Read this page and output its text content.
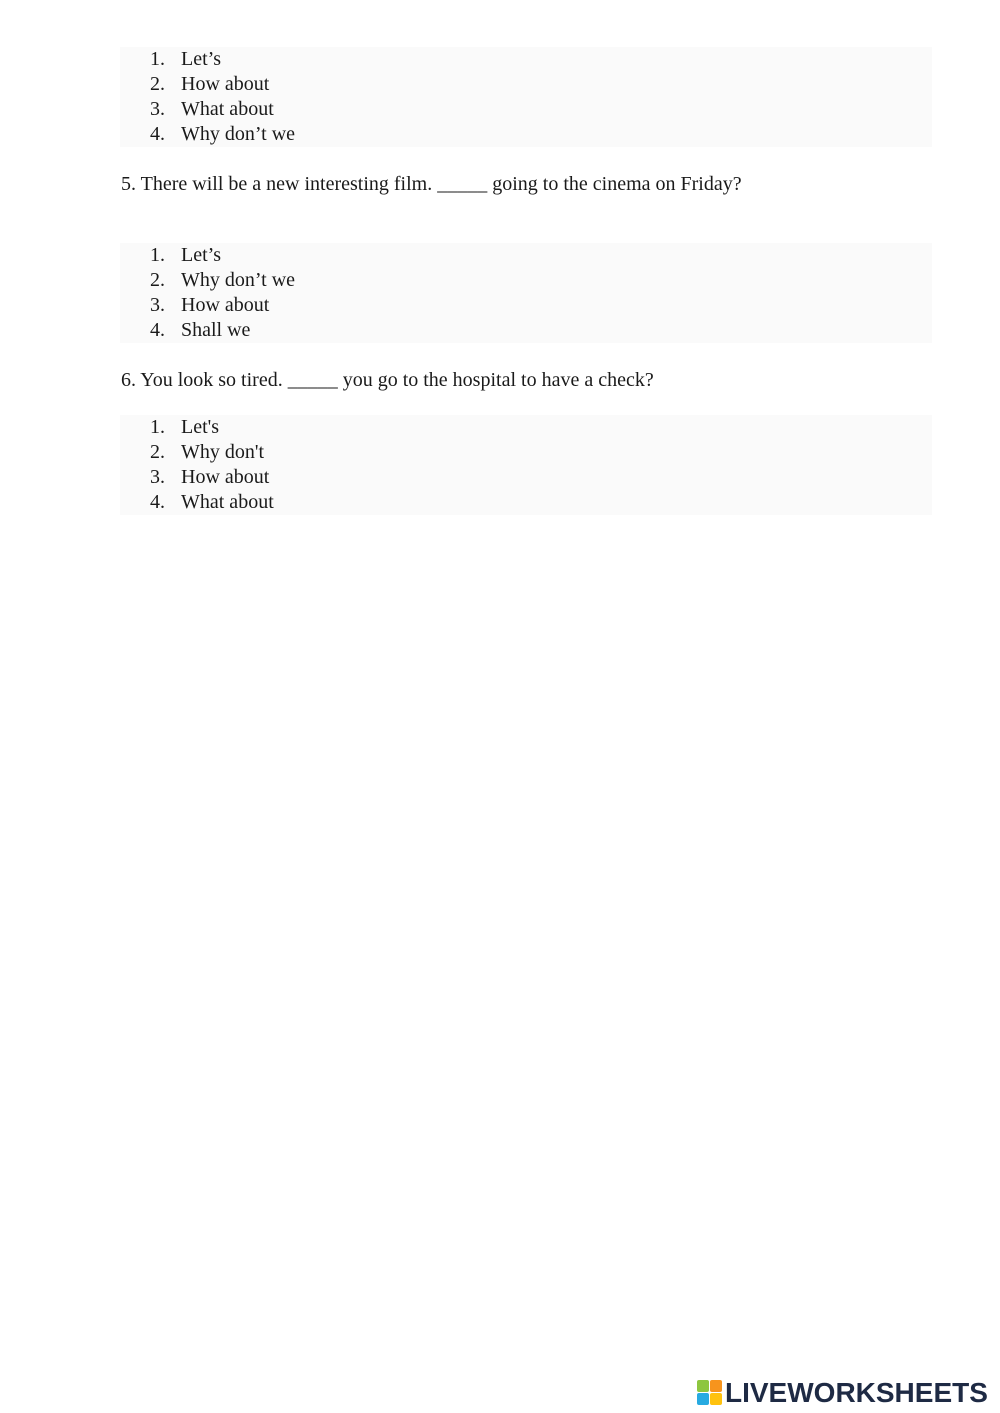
1. Let’s
2. How about
3. What about
4. Why don’t we
5. There will be a new interesting film. _____ going to the cinema on Friday?
1. Let’s
2. Why don’t we
3. How about
4. Shall we
6. You look so tired. _____ you go to the hospital to have a check?
1. Let's
2. Why don't
3. How about
4. What about
LIVEWORKSHEETS
